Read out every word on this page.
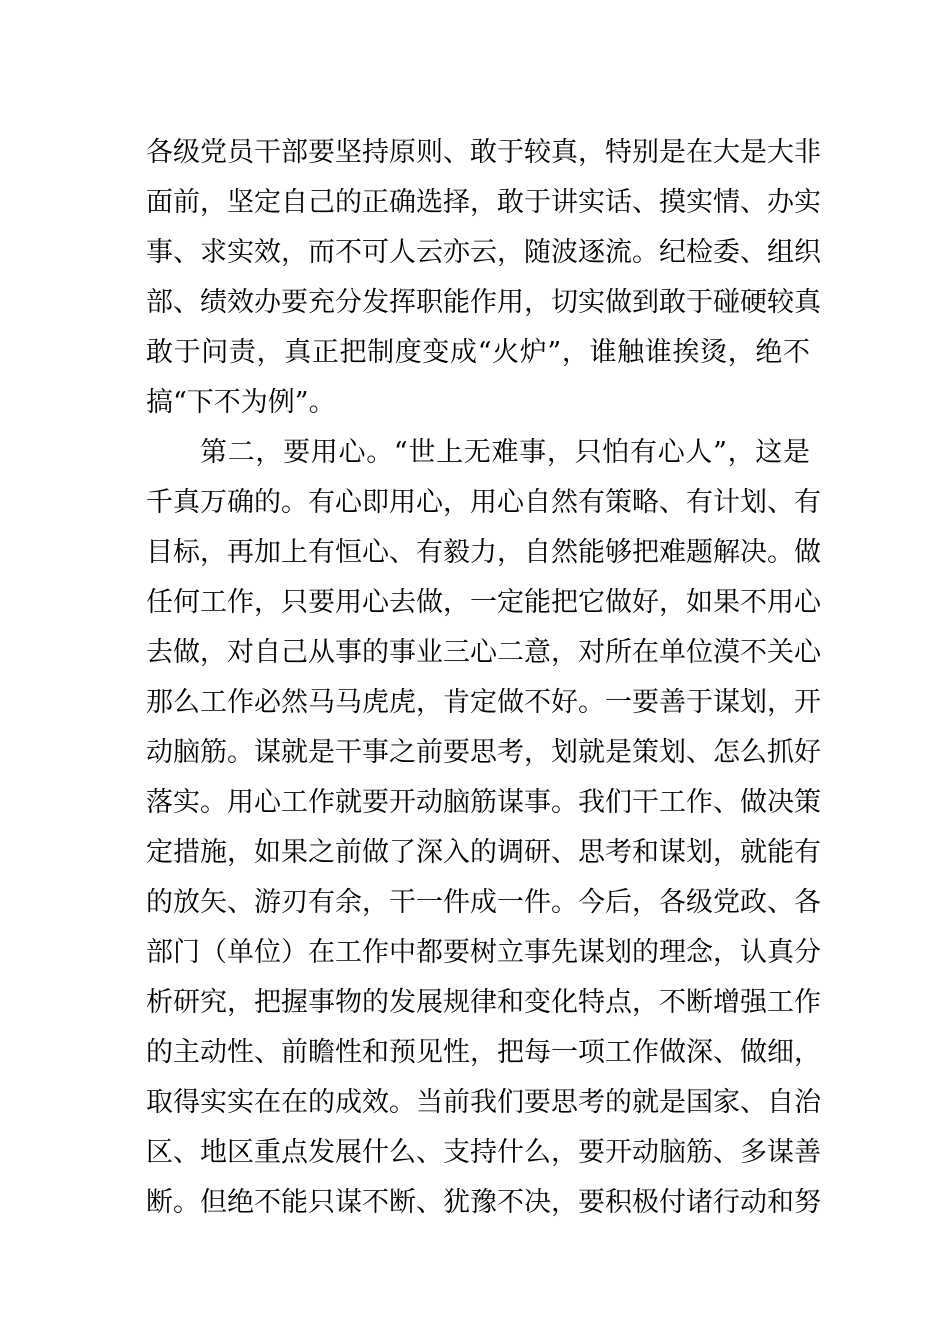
各级党员干部要坚持原则、敢于较真，特别是在大是大非
面前，坚定自己的正确选择，敢于讲实话、摸实情、办实
事、求实效，而不可人云亦云，随波逐流。纪检委、组织
部、绩效办要充分发挥职能作用，切实做到敢于碰硬较真
敢于问责，真正把制度变成“火炉”，谁触谁挨烫，绝不
搞“下不为例”。
第二，要用心。“世上无难事，只怕有心人”，这是
千真万确的。有心即用心，用心自然有策略、有计划、有
目标，再加上有恒心、有毅力，自然能够把难题解决。做
任何工作，只要用心去做，一定能把它做好，如果不用心
去做，对自己从事的事业三心二意，对所在单位漠不关心
那么工作必然马马虎虎，肯定做不好。一要善于谋划，开
动脑筋。谋就是干事之前要思考，划就是策划、怎么抓好
落实。用心工作就要开动脑筋谋事。我们干工作、做决策
定措施，如果之前做了深入的调研、思考和谋划，就能有
的放矢、游刃有余，干一件成一件。今后，各级党政、各
部门（单位）在工作中都要树立事先谋划的理念，认真分
析研究，把握事物的发展规律和变化特点，不断增强工作
的主动性、前瞻性和预见性，把每一项工作做深、做细，
取得实实在在的成效。当前我们要思考的就是国家、自治
区、地区重点发展什么、支持什么，要开动脑筋、多谋善
断。但绝不能只谋不断、犹豫不决，要积极付诸行动和努
